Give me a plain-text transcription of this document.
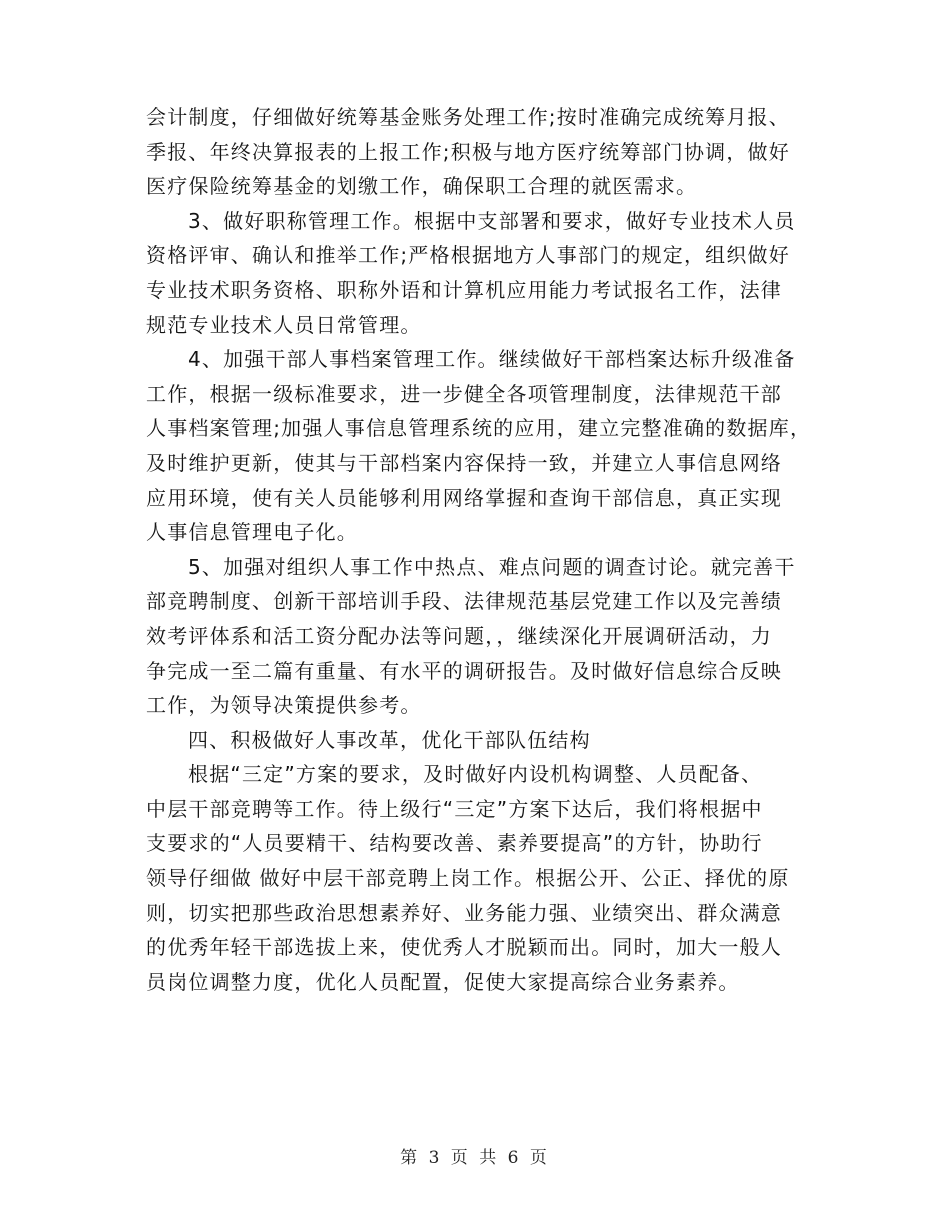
会计制度，仔细做好统筹基金账务处理工作;按时准确完成统筹月报、
季报、年终决算报表的上报工作;积极与地方医疗统筹部门协调，做好
医疗保险统筹基金的划缴工作，确保职工合理的就医需求。
3、做好职称管理工作。根据中支部署和要求，做好专业技术人员
资格评审、确认和推举工作;严格根据地方人事部门的规定，组织做好
专业技术职务资格、职称外语和计算机应用能力考试报名工作，法律
规范专业技术人员日常管理。
4、加强干部人事档案管理工作。继续做好干部档案达标升级准备
工作，根据一级标准要求，进一步健全各项管理制度，法律规范干部
人事档案管理;加强人事信息管理系统的应用，建立完整准确的数据库，
及时维护更新，使其与干部档案内容保持一致，并建立人事信息网络
应用环境，使有关人员能够利用网络掌握和查询干部信息，真正实现
人事信息管理电子化。
5、加强对组织人事工作中热点、难点问题的调查讨论。就完善干
部竞聘制度、创新干部培训手段、法律规范基层党建工作以及完善绩
效考评体系和活工资分配办法等问题，，继续深化开展调研活动，力
争完成一至二篇有重量、有水平的调研报告。及时做好信息综合反映
工作，为领导决策提供参考。
四、积极做好人事改革，优化干部队伍结构
根据“三定”方案的要求，及时做好内设机构调整、人员配备、
中层干部竞聘等工作。待上级行“三定”方案下达后，我们将根据中
支要求的“人员要精干、结构要改善、素养要提高”的方针，协助行
领导仔细做 做好中层干部竞聘上岗工作。根据公开、公正、择优的原
则，切实把那些政治思想素养好、业务能力强、业绩突出、群众满意
的优秀年轻干部选拔上来，使优秀人才脱颖而出。同时，加大一般人
员岗位调整力度，优化人员配置，促使大家提高综合业务素养。
第 3 页 共 6 页
